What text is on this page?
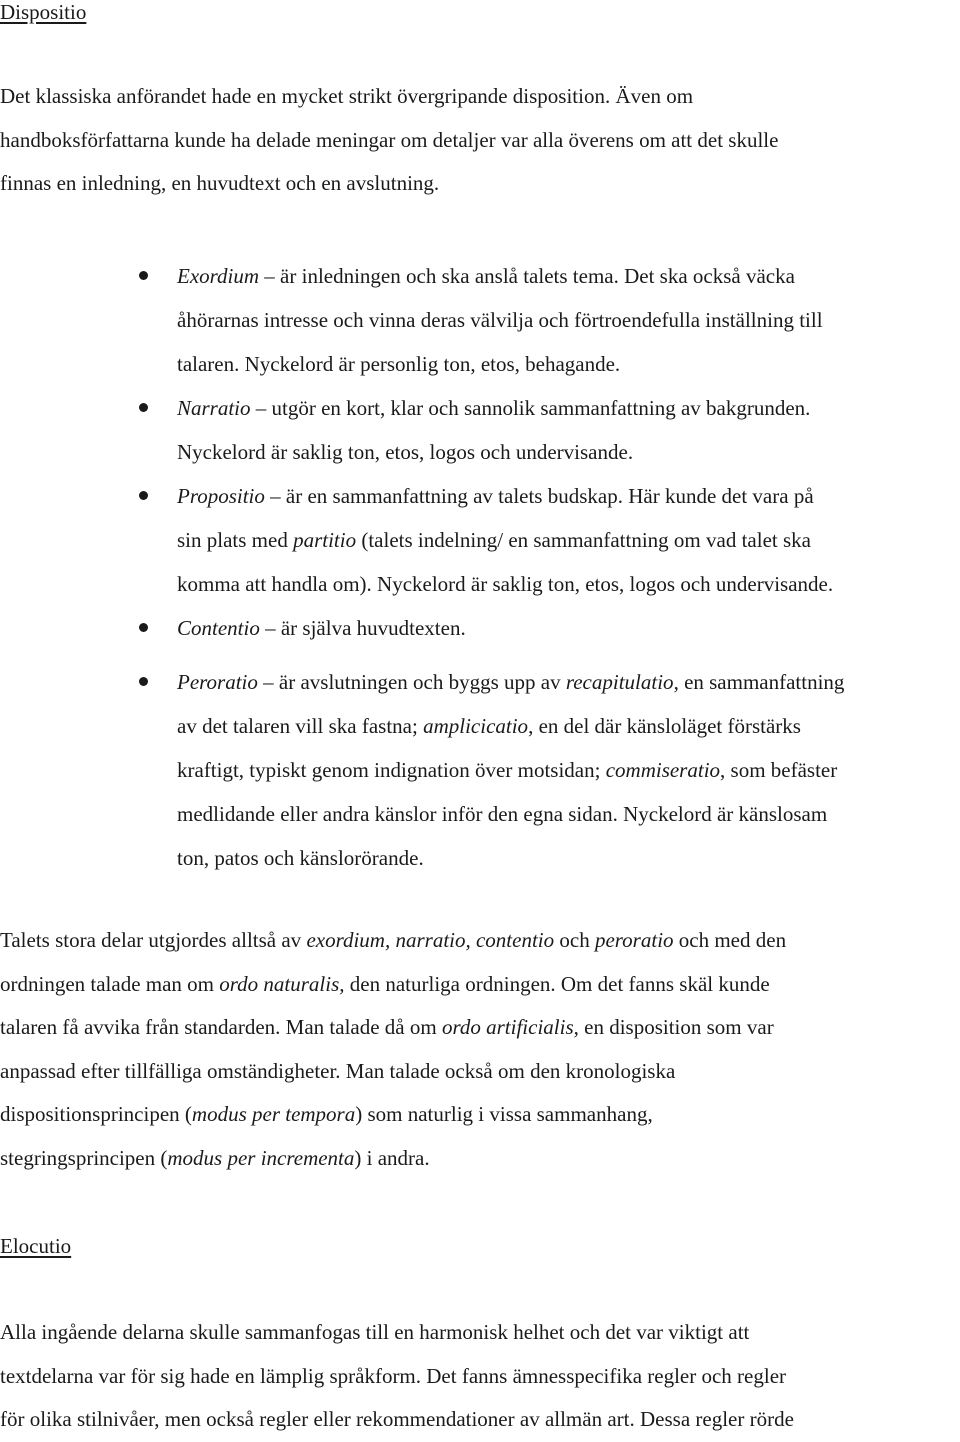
Dispositio
Det klassiska anförandet hade en mycket strikt övergripande disposition. Även om
handboksförfattarna kunde ha delade meningar om detaljer var alla överens om att det skulle
finnas en inledning, en huvudtext och en avslutning.
Exordium – är inledningen och ska anslå talets tema. Det ska också väcka
åhörarnas intresse och vinna deras välvilja och förtroendefulla inställning till
talaren. Nyckelord är personlig ton, etos, behagande.
Narratio – utgör en kort, klar och sannolik sammanfattning av bakgrunden.
Nyckelord är saklig ton, etos, logos och undervisande.
Propositio – är en sammanfattning av talets budskap. Här kunde det vara på
sin plats med partitio (talets indelning/ en sammanfattning om vad talet ska
komma att handla om). Nyckelord är saklig ton, etos, logos och undervisande.
Contentio – är själva huvudtexten.
Peroratio – är avslutningen och byggs upp av recapitulatio, en sammanfattning
av det talaren vill ska fastna; amplicicatio, en del där känsloläget förstärks
kraftigt, typiskt genom indignation över motsidan; commiseratio, som befäster
medlidande eller andra känslor inför den egna sidan. Nyckelord är känslosam
ton, patos och känslorörande.
Talets stora delar utgjordes alltså av exordium, narratio, contentio och peroratio och med den
ordningen talade man om ordo naturalis, den naturliga ordningen. Om det fanns skäl kunde
talaren få avvika från standarden. Man talade då om ordo artificialis, en disposition som var
anpassad efter tillfälliga omständigheter. Man talade också om den kronologiska
dispositionsprincipen (modus per tempora) som naturlig i vissa sammanhang,
stegringsprincipen (modus per incrementa) i andra.
Elocutio
Alla ingående delarna skulle sammanfogas till en harmonisk helhet och det var viktigt att
textdelarna var för sig hade en lämplig språkform. Det fanns ämnesspecifika regler och regler
för olika stilnivåer, men också regler eller rekommendationer av allmän art. Dessa regler rörde
